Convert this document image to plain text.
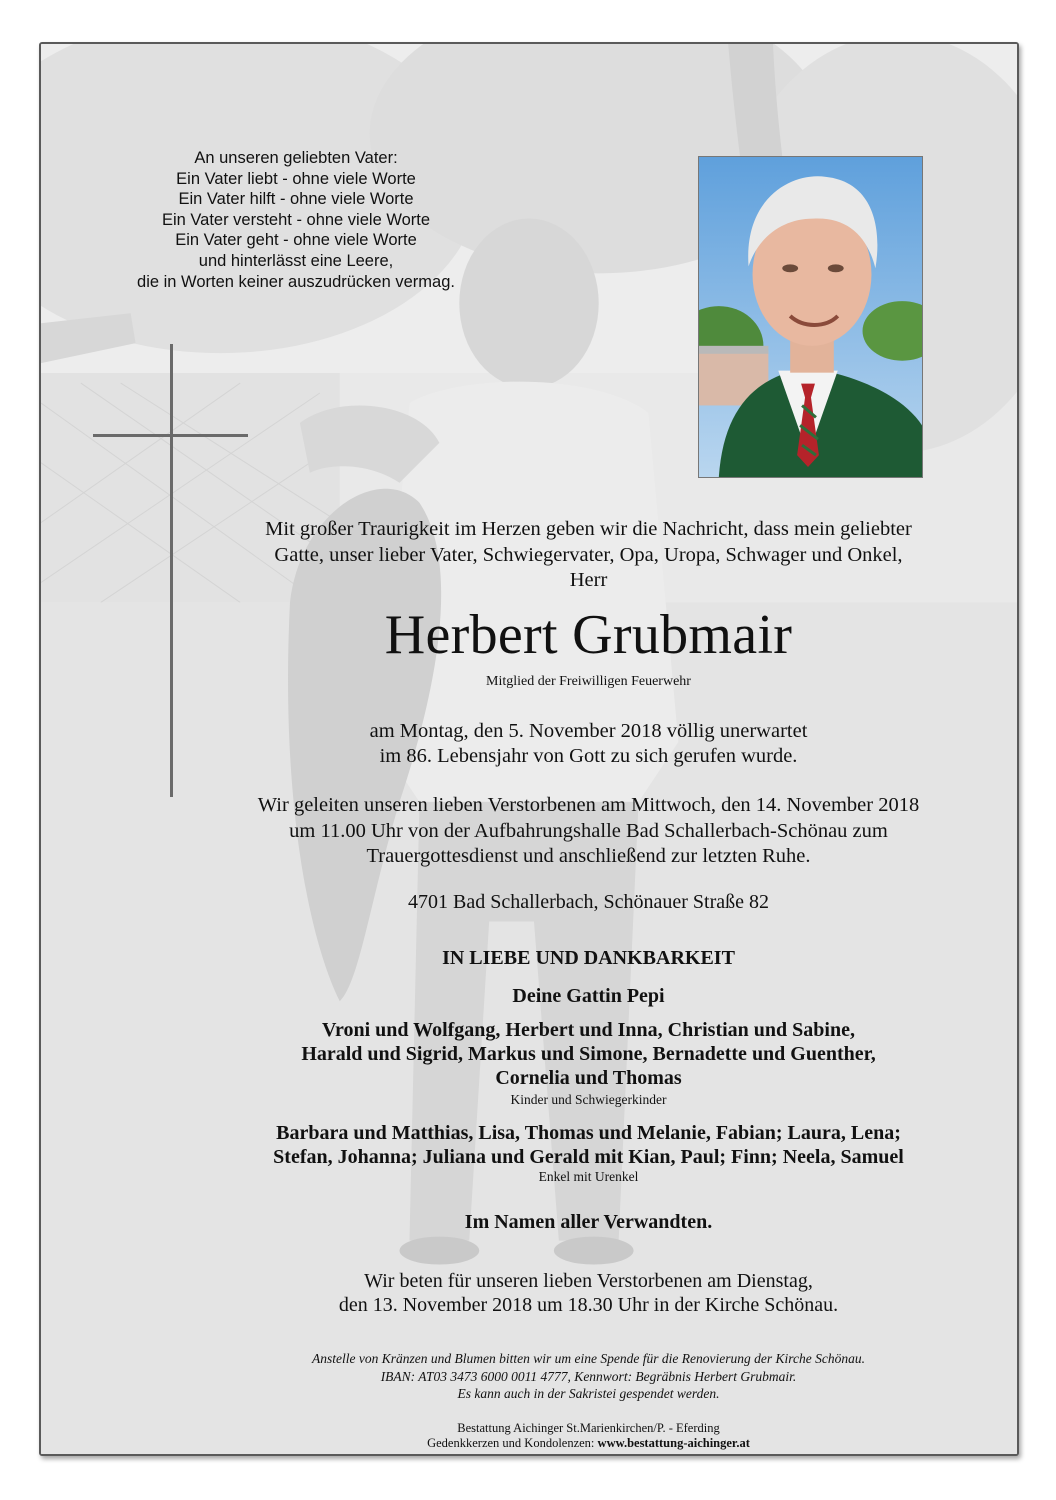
An unseren geliebten Vater:
Ein Vater liebt - ohne viele Worte
Ein Vater hilft - ohne viele Worte
Ein Vater versteht - ohne viele Worte
Ein Vater geht - ohne viele Worte
und hinterlässt eine Leere,
die in Worten keiner auszudrücken vermag.
Mit großer Traurigkeit im Herzen geben wir die Nachricht, dass mein geliebter
Gatte, unser lieber Vater, Schwiegervater, Opa, Uropa, Schwager und Onkel,
Herr
Herbert Grubmair
Mitglied der Freiwilligen Feuerwehr
am Montag, den 5. November 2018 völlig unerwartet
im 86. Lebensjahr von Gott zu sich gerufen wurde.
Wir geleiten unseren lieben Verstorbenen am Mittwoch, den 14. November 2018
um 11.00 Uhr von der Aufbahrungshalle Bad Schallerbach-Schönau zum
Trauergottesdienst und anschließend zur letzten Ruhe.
4701 Bad Schallerbach, Schönauer Straße 82
IN LIEBE UND DANKBARKEIT
Deine Gattin Pepi
Vroni und Wolfgang, Herbert und Inna, Christian und Sabine,
Harald und Sigrid, Markus und Simone, Bernadette und Guenther,
Cornelia und Thomas
Kinder und Schwiegerkinder
Barbara und Matthias, Lisa, Thomas und Melanie, Fabian; Laura, Lena;
Stefan, Johanna; Juliana und Gerald mit Kian, Paul; Finn; Neela, Samuel
Enkel mit Urenkel
Im Namen aller Verwandten.
Wir beten für unseren lieben Verstorbenen am Dienstag,
den 13. November 2018 um 18.30 Uhr in der Kirche Schönau.
Anstelle von Kränzen und Blumen bitten wir um eine Spende für die Renovierung der Kirche Schönau.
IBAN: AT03 3473 6000 0011 4777, Kennwort: Begräbnis Herbert Grubmair.
Es kann auch in der Sakristei gespendet werden.
Bestattung Aichinger St.Marienkirchen/P. - Eferding
Gedenkkerzen und Kondolenzen: www.bestattung-aichinger.at
